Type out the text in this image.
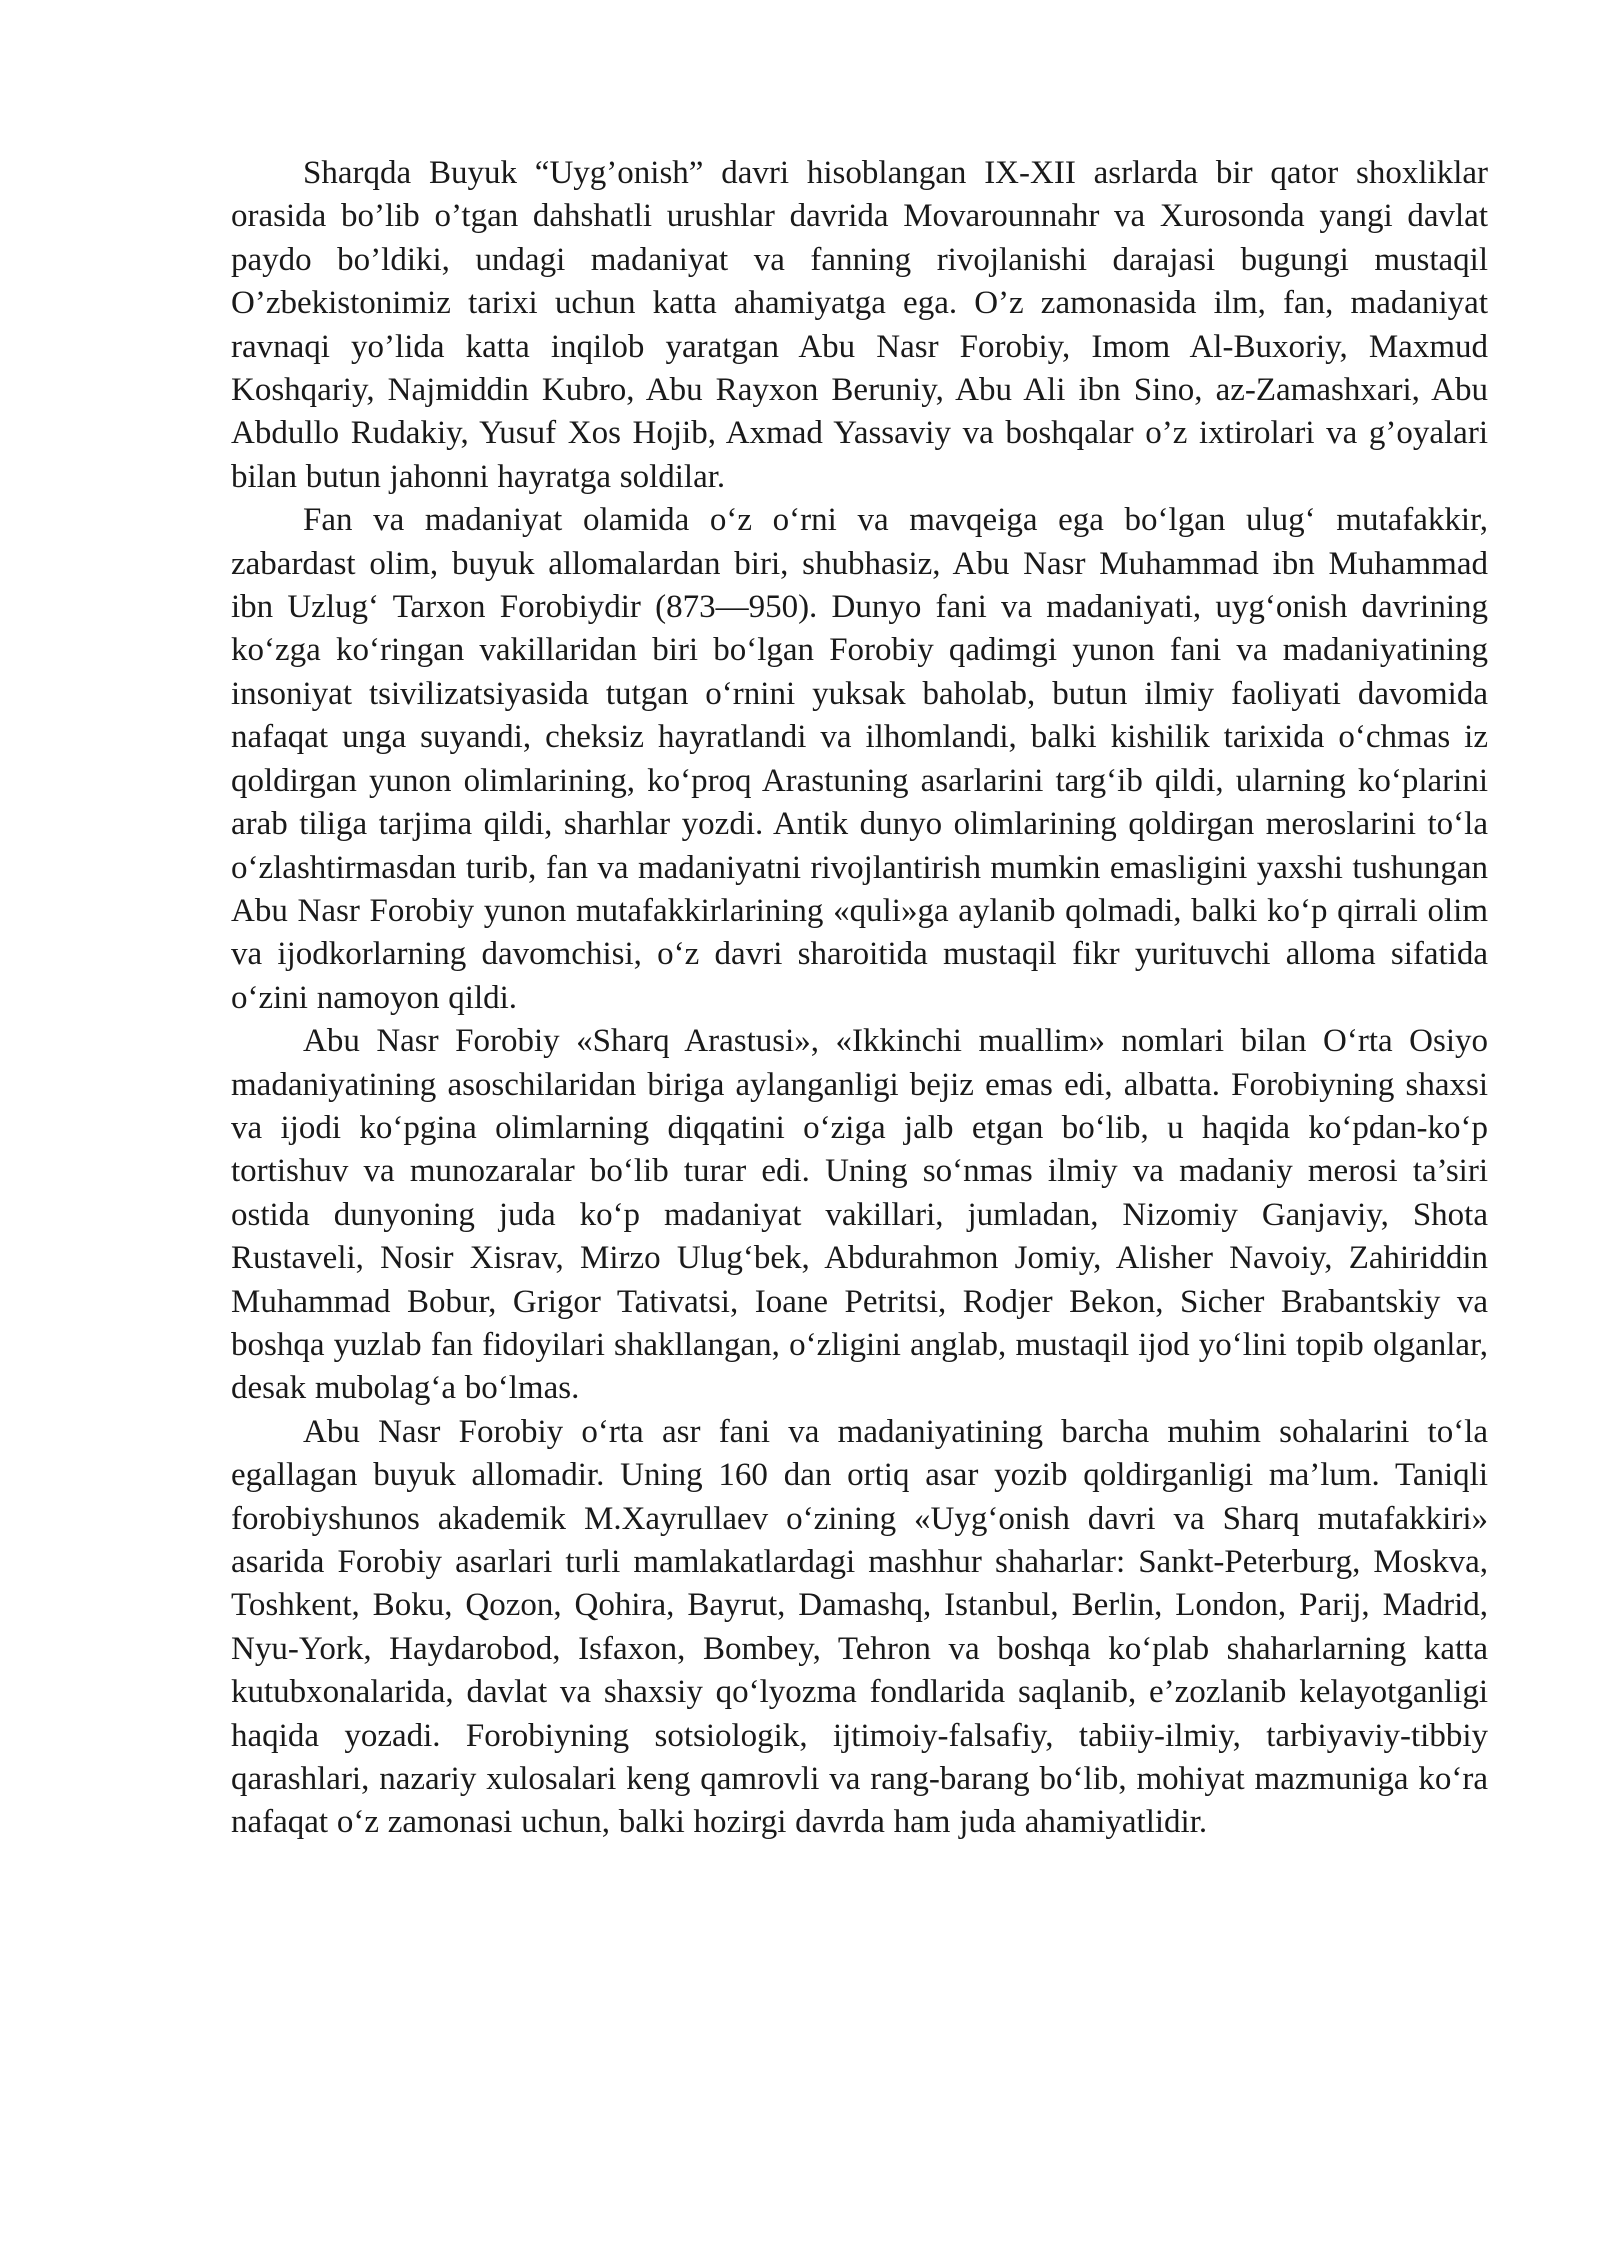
Sharqda Buyuk “Uyg’onish” davri hisoblangan IX-XII asrlarda bir qator shoxliklar orasida bo’lib o’tgan dahshatli urushlar davrida Movarounnahr va Xurosonda yangi davlat paydo bo’ldiki, undagi madaniyat va fanning rivojlanishi darajasi bugungi mustaqil O’zbekistonimiz tarixi uchun katta ahamiyatga ega. O’z zamonasida ilm, fan, madaniyat ravnaqi yo’lida katta inqilob yaratgan Abu Nasr Forobiy, Imom Al-Buxoriy, Maxmud Koshqariy, Najmiddin Kubro, Abu Rayxon Beruniy, Abu Ali ibn Sino, az-Zamashxari, Abu Abdullo Rudakiy, Yusuf Xos Hojib, Axmad Yassaviy va boshqalar o’z ixtirolari va g’oyalari bilan butun jahonni hayratga soldilar.

Fan va madaniyat olamida oʻz oʻrni va mavqeiga ega boʻlgan ulugʻ mutafakkir, zabardast olim, buyuk allomalardan biri, shubhasiz, Abu Nasr Muhammad ibn Muhammad ibn Uzlugʻ Tarxon Forobiydir (873—950). Dunyo fani va madaniyati, uygʻonish davrining koʻzga koʻringan vakillaridan biri boʻlgan Forobiy qadimgi yunon fani va madaniyatining insoniyat tsivilizatsiyasida tutgan oʻrnini yuksak baholab, butun ilmiy faoliyati davomida nafaqat unga suyandi, cheksiz hayratlandi va ilhomlandi, balki kishilik tarixida oʻchmas iz qoldirgan yunon olimlarining, koʻproq Arastuning asarlarini targʻib qildi, ularning koʻplarini arab tiliga tarjima qildi, sharhlar yozdi. Antik dunyo olimlarining qoldirgan meroslarini toʻla oʻzlashtirmasdan turib, fan va madaniyatni rivojlantirish mumkin emasligini yaxshi tushungan Abu Nasr Forobiy yunon mutafakkirlarining «quli»ga aylanib qolmadi, balki koʻp qirrali olim va ijodkorlarning davomchisi, oʻz davri sharoitida mustaqil fikr yurituvchi alloma sifatida oʻzini namoyon qildi.

Abu Nasr Forobiy «Sharq Arastusi», «Ikkinchi muallim» nomlari bilan Oʻrta Osiyo madaniyatining asoschilaridan biriga aylanganligi bejiz emas edi, albatta. Forobiyning shaxsi va ijodi koʻpgina olimlarning diqqatini oʻziga jalb etgan boʻlib, u haqida koʻpdan-koʻp tortishuv va munozaralar boʻlib turar edi. Uning soʻnmas ilmiy va madaniy merosi ta’siri ostida dunyoning juda koʻp madaniyat vakillari, jumladan, Nizomiy Ganjaviy, Shota Rustaveli, Nosir Xisrav, Mirzo Ulugʻbek, Abdurahmon Jomiy, Alisher Navoiy, Zahiriddin Muhammad Bobur, Grigor Tativatsi, Ioane Petritsi, Rodjer Bekon, Sicher Brabantskiy va boshqa yuzlab fan fidoyilari shakllangan, oʻzligini anglab, mustaqil ijod yoʻlini topib olganlar, desak mubolagʻa boʻlmas.

Abu Nasr Forobiy oʻrta asr fani va madaniyatining barcha muhim sohalarini toʻla egallagan buyuk allomadir. Uning 160 dan ortiq asar yozib qoldirganligi ma’lum. Taniqli forobiyshunos akademik M.Xayrullaev oʻzining «Uygʻonish davri va Sharq mutafakkiri» asarida Forobiy asarlari turli mamlakatlardagi mashhur shaharlar: Sankt-Peterburg, Moskva, Toshkent, Boku, Qozon, Qohira, Bayrut, Damashq, Istanbul, Berlin, London, Parij, Madrid, Nyu-York, Haydarobod, Isfaxon, Bombey, Tehron va boshqa koʻplab shaharlarning katta kutubxonalarida, davlat va shaxsiy qoʻlyozma fondlarida saqlanib, e’zozlanib kelayotganligi haqida yozadi. Forobiyning sotsiologik, ijtimoiy-falsafiy, tabiiy-ilmiy, tarbiyaviy-tibbiy qarashlari, nazariy xulosalari keng qamrovli va rang-barang boʻlib, mohiyat mazmuniga koʻra nafaqat oʻz zamonasi uchun, balki hozirgi davrda ham juda ahamiyatlidir.
